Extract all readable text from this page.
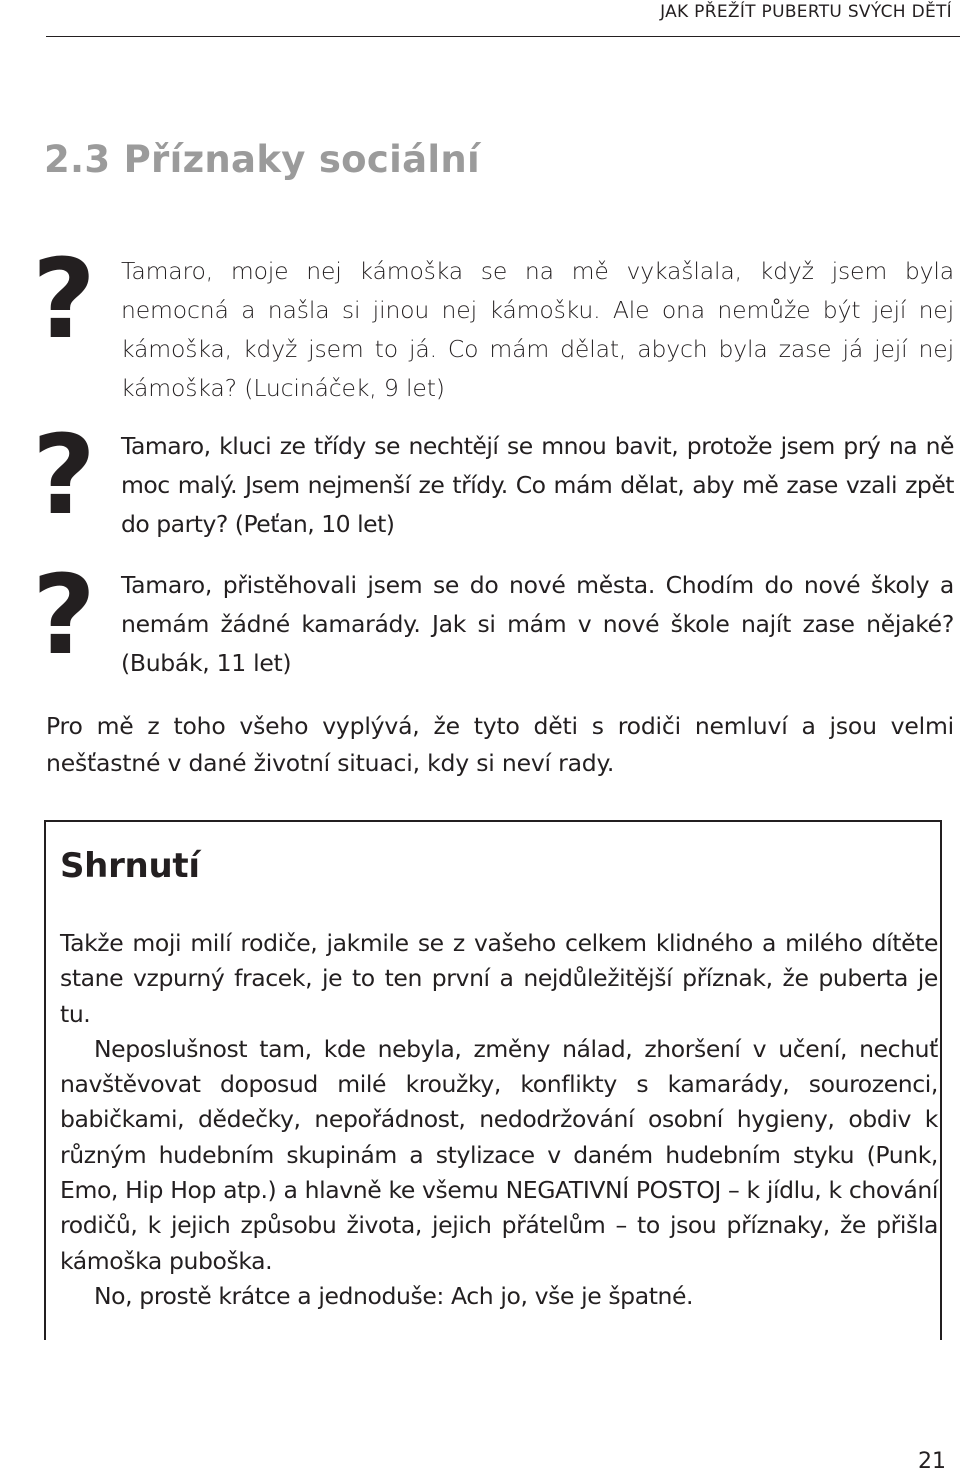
JAK PŘEŽÍT PUBERTU SVÝCH DĚTÍ
2.3 Příznaky sociální
?	Tamaro, moje nej kámoška se na mě vykašlala, když jsem byla nemocná a našla si jinou nej kámošku. Ale ona nemůže být její nej kámoška, když jsem to já. Co mám dělat, abych byla zase já její nej kámoška? (Lucináček, 9 let)

?	Tamaro, kluci ze třídy se nechtějí se mnou bavit, protože jsem prý na ně moc malý. Jsem nejmenší ze třídy. Co mám dělat, aby mě zase vzali zpět do party? (Peťan, 10 let)

?	Tamaro, přistěhovali jsem se do nové města. Chodím do nové školy a nemám žádné kamarády. Jak si mám v nové škole najít zase nějaké? (Bubák, 11 let)

Pro mě z toho všeho vyplývá, že tyto děti s rodiči nemluví a jsou velmi nešťastné v dané životní situaci, kdy si neví rady.

Shrnutí

Takže moji milí rodiče, jakmile se z vašeho celkem klidného a milého dítěte stane vzpurný fracek, je to ten první a nejdůležitější příznak, že puberta je tu.

Neposlušnost tam, kde nebyla, změny nálad, zhoršení v učení, nechuť navštěvovat doposud milé kroužky, konflikty s kamarády, sourozenci, babičkami, dědečky, nepořádnost, nedodržování osobní hygieny, obdiv k různým hudebním skupinám a stylizace v daném hudebním styku (Punk, Emo, Hip Hop atp.) a hlavně ke všemu NEGATIVNÍ POSTOJ – k jídlu, k chování rodičů, k jejich způsobu života, jejich přátelům – to jsou příznaky, že přišla kámoška puboška.

No, prostě krátce a jednoduše: Ach jo, vše je špatné.

21
